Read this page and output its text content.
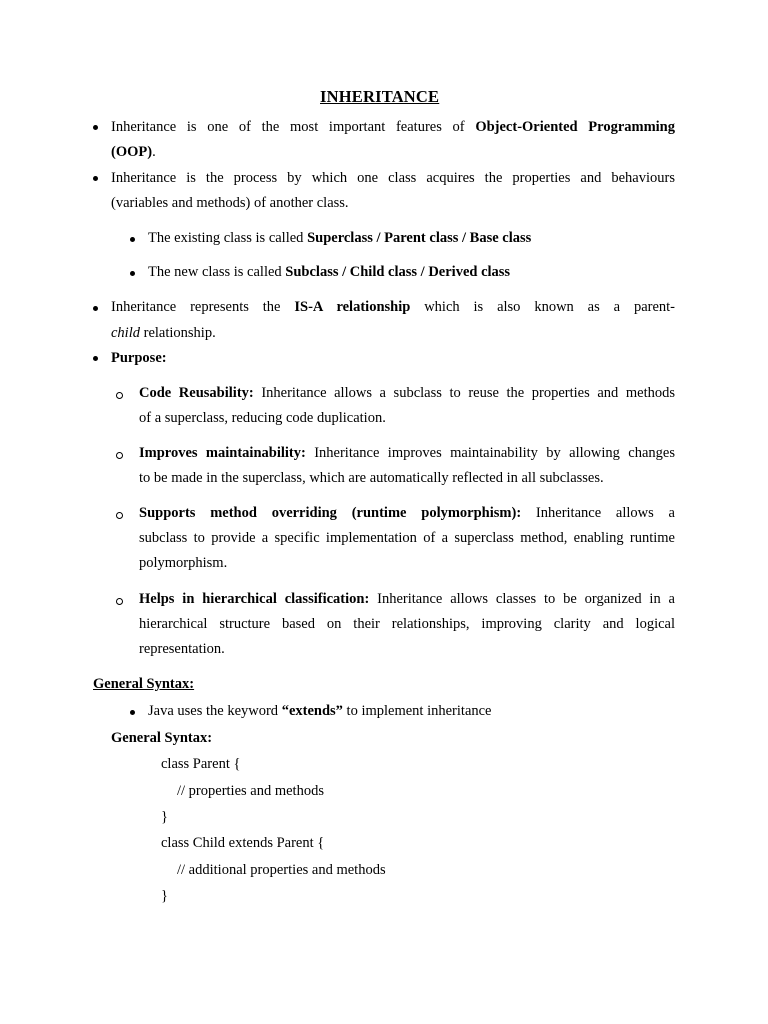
INHERITANCE
Inheritance is one of the most important features of Object-Oriented Programming
(OOP).
Inheritance is the process by which one class acquires the properties and behaviours
(variables and methods) of another class.
The existing class is called Superclass / Parent class / Base class
The new class is called Subclass / Child class / Derived class
Inheritance represents the IS-A relationship which is also known as a parent-
child relationship.
Purpose:
Code Reusability: Inheritance allows a subclass to reuse the properties and methods
of a superclass, reducing code duplication.
Improves maintainability: Inheritance improves maintainability by allowing changes
to be made in the superclass, which are automatically reflected in all subclasses.
Supports method overriding (runtime polymorphism): Inheritance allows a
subclass to provide a specific implementation of a superclass method, enabling runtime
polymorphism.
Helps in hierarchical classification: Inheritance allows classes to be organized in a
hierarchical structure based on their relationships, improving clarity and logical
representation.
General Syntax:
Java uses the keyword “extends” to implement inheritance
General Syntax:
class Parent {
// properties and methods
}
class Child extends Parent {
// additional properties and methods
}
